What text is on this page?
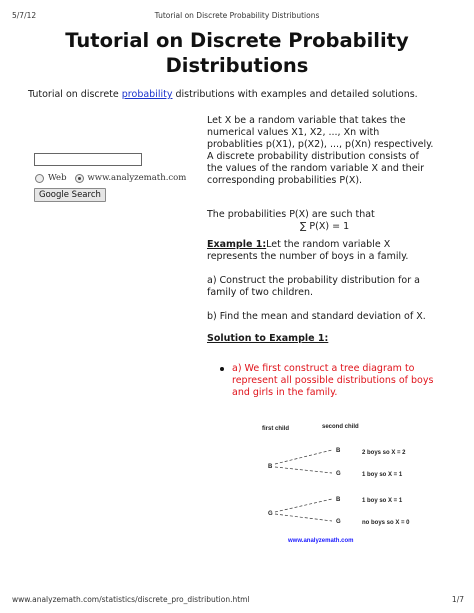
5/7/12	Tutorial on Discrete Probability Distributions
Tutorial on Discrete Probability
Distributions
Tutorial on discrete probability distributions with examples and detailed solutions.
Web www.analyzemath.com
Google Search
Let X be a random variable that takes the numerical values X1, X2, ..., Xn with probablities p(X1), p(X2), ..., p(Xn) respectively. A discrete probability distribution consists of the values of the random variable X and their corresponding probabilities P(X).
The probabilities P(X) are such that
∑ P(X) = 1
Example 1:Let the random variable X represents the number of boys in a family.
a) Construct the probability distribution for a family of two children.
b) Find the mean and standard deviation of X.
Solution to Example 1:
a) We first construct a tree diagram to represent all possible distributions of boys and girls in the family.
first child	second child
B
G
B
G
B
G
2 boys so X = 2
1 boy so X = 1
1 boy so X = 1
no boys so X = 0
www.analyzemath.com
www.analyzemath.com/statistics/discrete_pro_distribution.html	1/7
